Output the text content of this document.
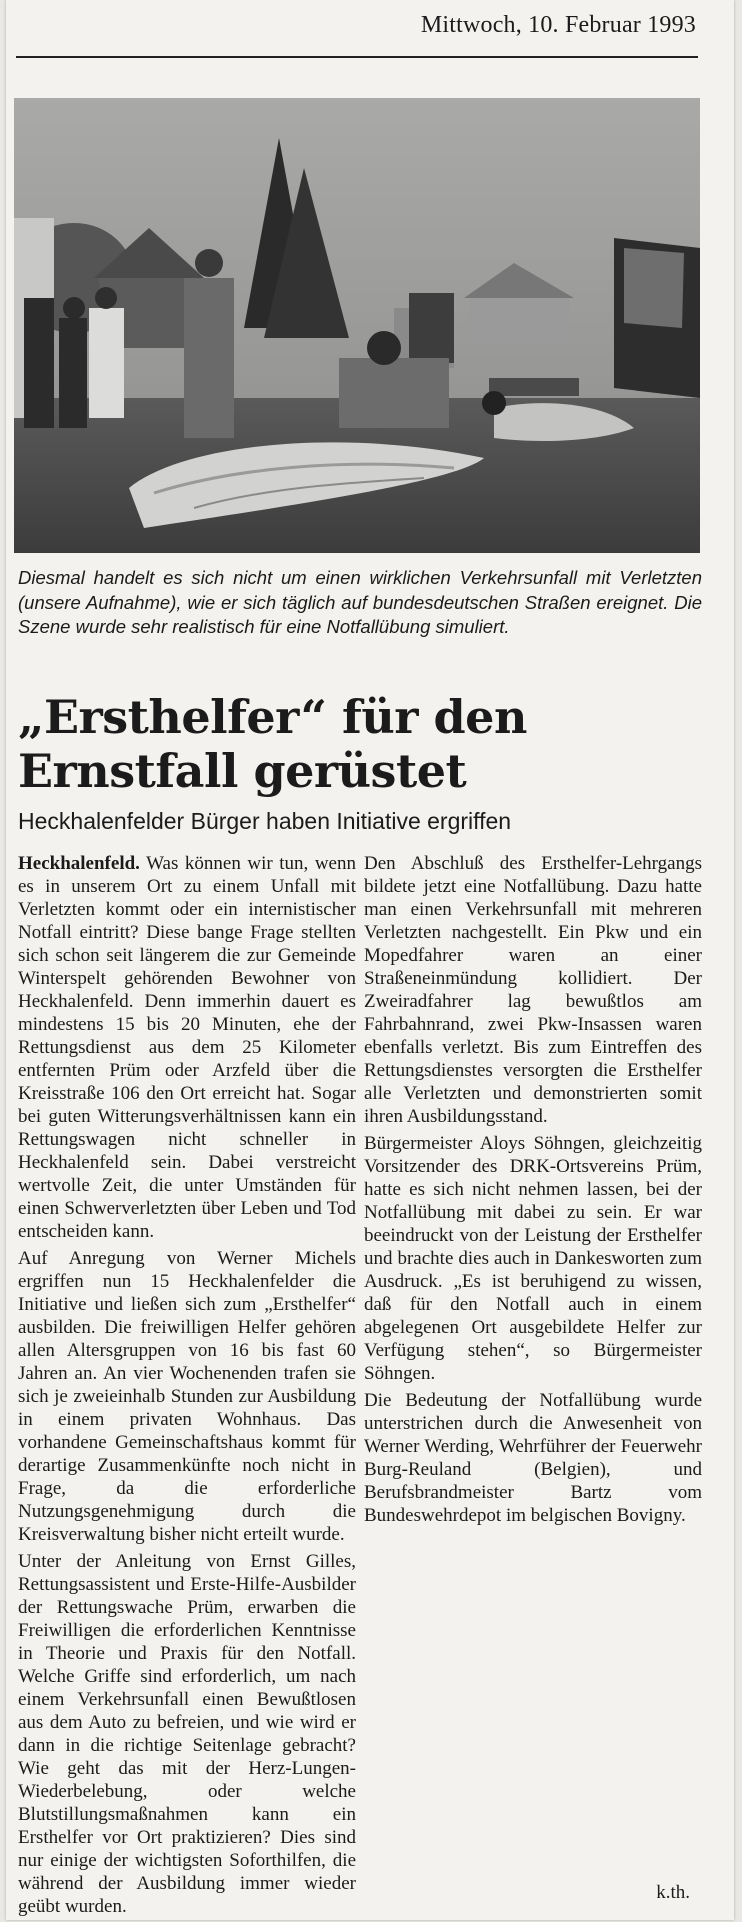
Mittwoch, 10. Februar 1993
Diesmal handelt es sich nicht um einen wirklichen Verkehrsunfall mit Verletzten (unsere Aufnahme), wie er sich täglich auf bundesdeutschen Straßen ereignet. Die Szene wurde sehr realistisch für eine Notfallübung simuliert.
„Ersthelfer“ für den
Ernstfall gerüstet
Heckhalenfelder Bürger haben Initiative ergriffen

Heckhalenfeld. Was können wir tun, wenn es in unserem Ort zu einem Unfall mit Verletzten kommt oder ein internistischer Notfall eintritt? Diese bange Frage stellten sich schon seit längerem die zur Gemeinde Winterspelt gehörenden Bewohner von Heckhalenfeld. Denn immerhin dauert es mindestens 15 bis 20 Minuten, ehe der Rettungsdienst aus dem 25 Kilometer entfernten Prüm oder Arzfeld über die Kreisstraße 106 den Ort erreicht hat. Sogar bei guten Witterungsverhältnissen kann ein Rettungswagen nicht schneller in Heckhalenfeld sein. Dabei verstreicht wertvolle Zeit, die unter Umständen für einen Schwerverletzten über Leben und Tod entscheiden kann.

Auf Anregung von Werner Michels ergriffen nun 15 Heckhalenfelder die Initiative und ließen sich zum „Ersthelfer“ ausbilden. Die freiwilligen Helfer gehören allen Altersgruppen von 16 bis fast 60 Jahren an. An vier Wochenenden trafen sie sich je zweieinhalb Stunden zur Ausbildung in einem privaten Wohnhaus. Das vorhandene Gemeinschaftshaus kommt für derartige Zusammenkünfte noch nicht in Frage, da die erforderliche Nutzungsgenehmigung durch die Kreisverwaltung bisher nicht erteilt wurde.

Unter der Anleitung von Ernst Gilles, Rettungsassistent und Erste-Hilfe-Ausbilder der Rettungswache Prüm, erwarben die Freiwilligen die erforderlichen Kenntnisse in Theorie und Praxis für den Notfall. Welche Griffe sind erforderlich, um nach einem Verkehrsunfall einen Bewußtlosen aus dem Auto zu befreien, und wie wird er dann in die richtige Seitenlage gebracht? Wie geht das mit der Herz-Lungen-Wiederbelebung, oder welche Blutstillungsmaßnahmen kann ein Ersthelfer vor Ort praktizieren? Dies sind nur einige der wichtigsten Soforthilfen, die während der Ausbildung immer wieder geübt wurden.

Den Abschluß des Ersthelfer-Lehrgangs bildete jetzt eine Notfallübung. Dazu hatte man einen Verkehrsunfall mit mehreren Verletzten nachgestellt. Ein Pkw und ein Mopedfahrer waren an einer Straßeneinmündung kollidiert. Der Zweiradfahrer lag bewußtlos am Fahrbahnrand, zwei Pkw-Insassen waren ebenfalls verletzt. Bis zum Eintreffen des Rettungsdienstes versorgten die Ersthelfer alle Verletzten und demonstrierten somit ihren Ausbildungsstand.

Bürgermeister Aloys Söhngen, gleichzeitig Vorsitzender des DRK-Ortsvereins Prüm, hatte es sich nicht nehmen lassen, bei der Notfallübung mit dabei zu sein. Er war beeindruckt von der Leistung der Ersthelfer und brachte dies auch in Dankesworten zum Ausdruck. „Es ist beruhigend zu wissen, daß für den Notfall auch in einem abgelegenen Ort ausgebildete Helfer zur Verfügung stehen“, so Bürgermeister Söhngen.

Die Bedeutung der Notfallübung wurde unterstrichen durch die Anwesenheit von Werner Werding, Wehrführer der Feuerwehr Burg-Reuland (Belgien), und Berufsbrandmeister Bartz vom Bundeswehrdepot im belgischen Bovigny.

k.th.
